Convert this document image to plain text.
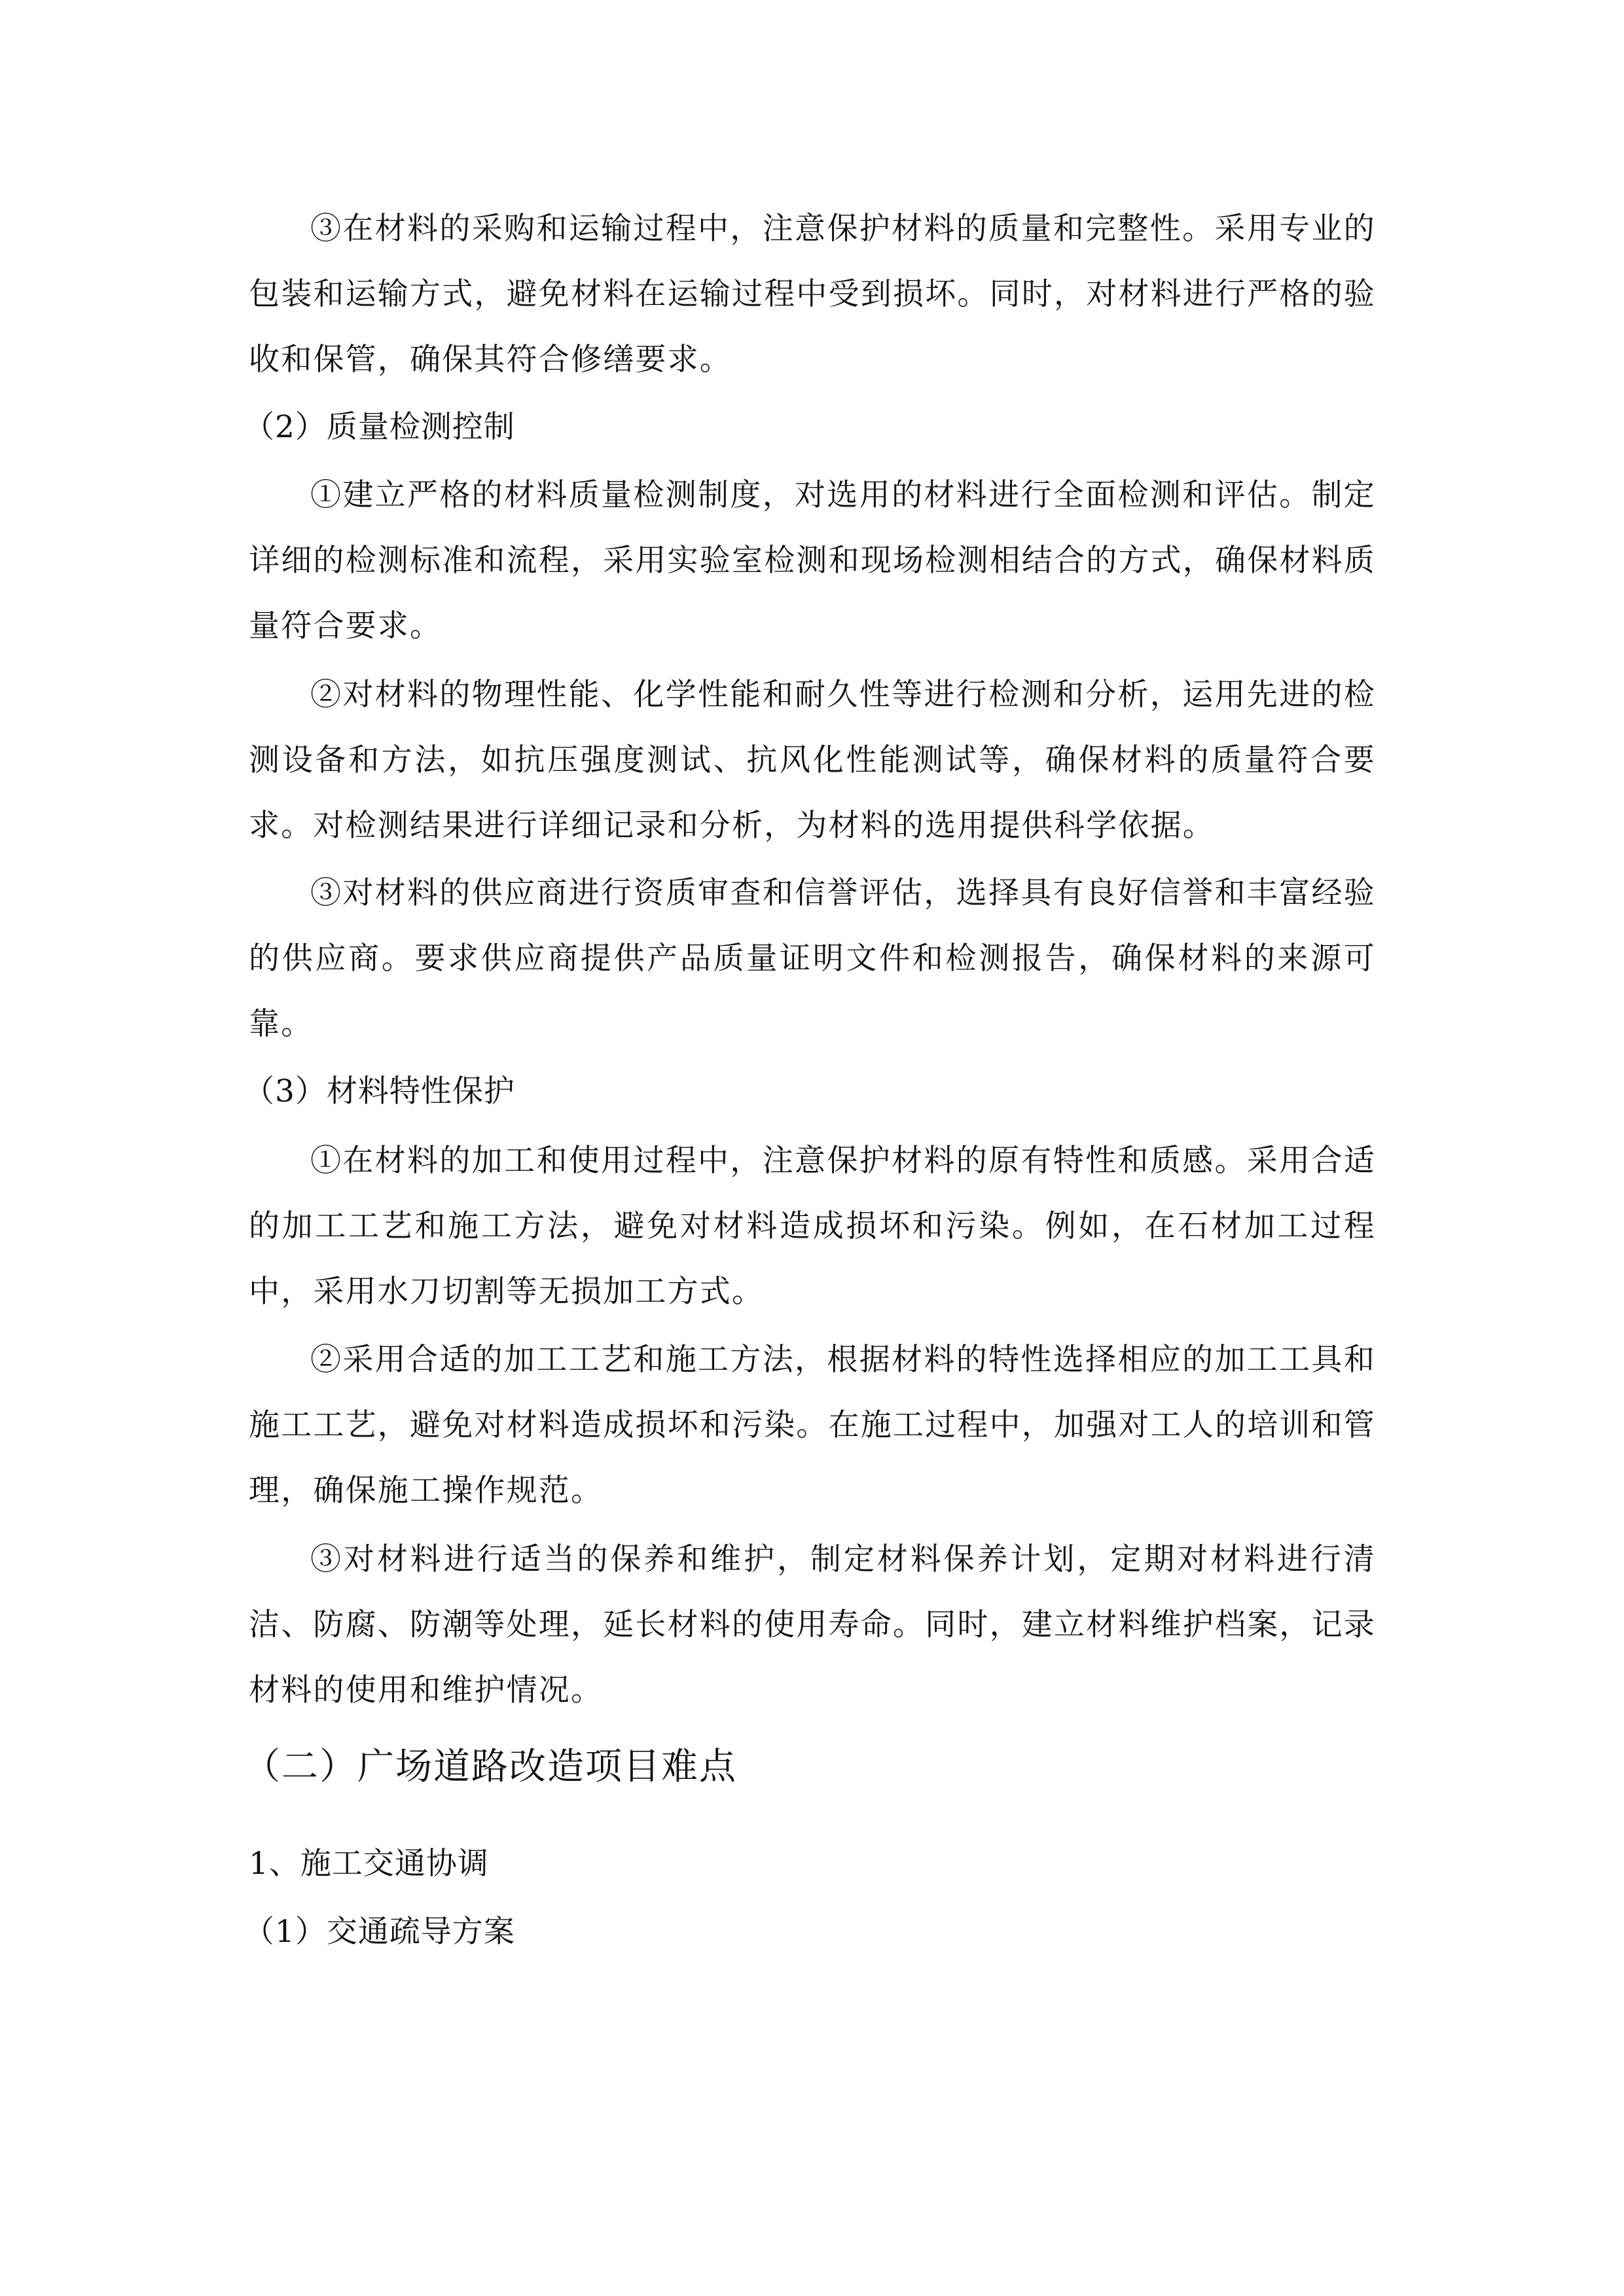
③在材料的采购和运输过程中，注意保护材料的质量和完整性。采用专业的包装和运输方式，避免材料在运输过程中受到损坏。同时，对材料进行严格的验收和保管，确保其符合修缮要求。

（2）质量检测控制

①建立严格的材料质量检测制度，对选用的材料进行全面检测和评估。制定详细的检测标准和流程，采用实验室检测和现场检测相结合的方式，确保材料质量符合要求。

②对材料的物理性能、化学性能和耐久性等进行检测和分析，运用先进的检测设备和方法，如抗压强度测试、抗风化性能测试等，确保材料的质量符合要求。对检测结果进行详细记录和分析，为材料的选用提供科学依据。

③对材料的供应商进行资质审查和信誉评估，选择具有良好信誉和丰富经验的供应商。要求供应商提供产品质量证明文件和检测报告，确保材料的来源可靠。

（3）材料特性保护

①在材料的加工和使用过程中，注意保护材料的原有特性和质感。采用合适的加工工艺和施工方法，避免对材料造成损坏和污染。例如，在石材加工过程中，采用水刀切割等无损加工方式。

②采用合适的加工工艺和施工方法，根据材料的特性选择相应的加工工具和施工工艺，避免对材料造成损坏和污染。在施工过程中，加强对工人的培训和管理，确保施工操作规范。

③对材料进行适当的保养和维护，制定材料保养计划，定期对材料进行清洁、防腐、防潮等处理，延长材料的使用寿命。同时，建立材料维护档案，记录材料的使用和维护情况。

（二）广场道路改造项目难点

1、施工交通协调

（1）交通疏导方案
